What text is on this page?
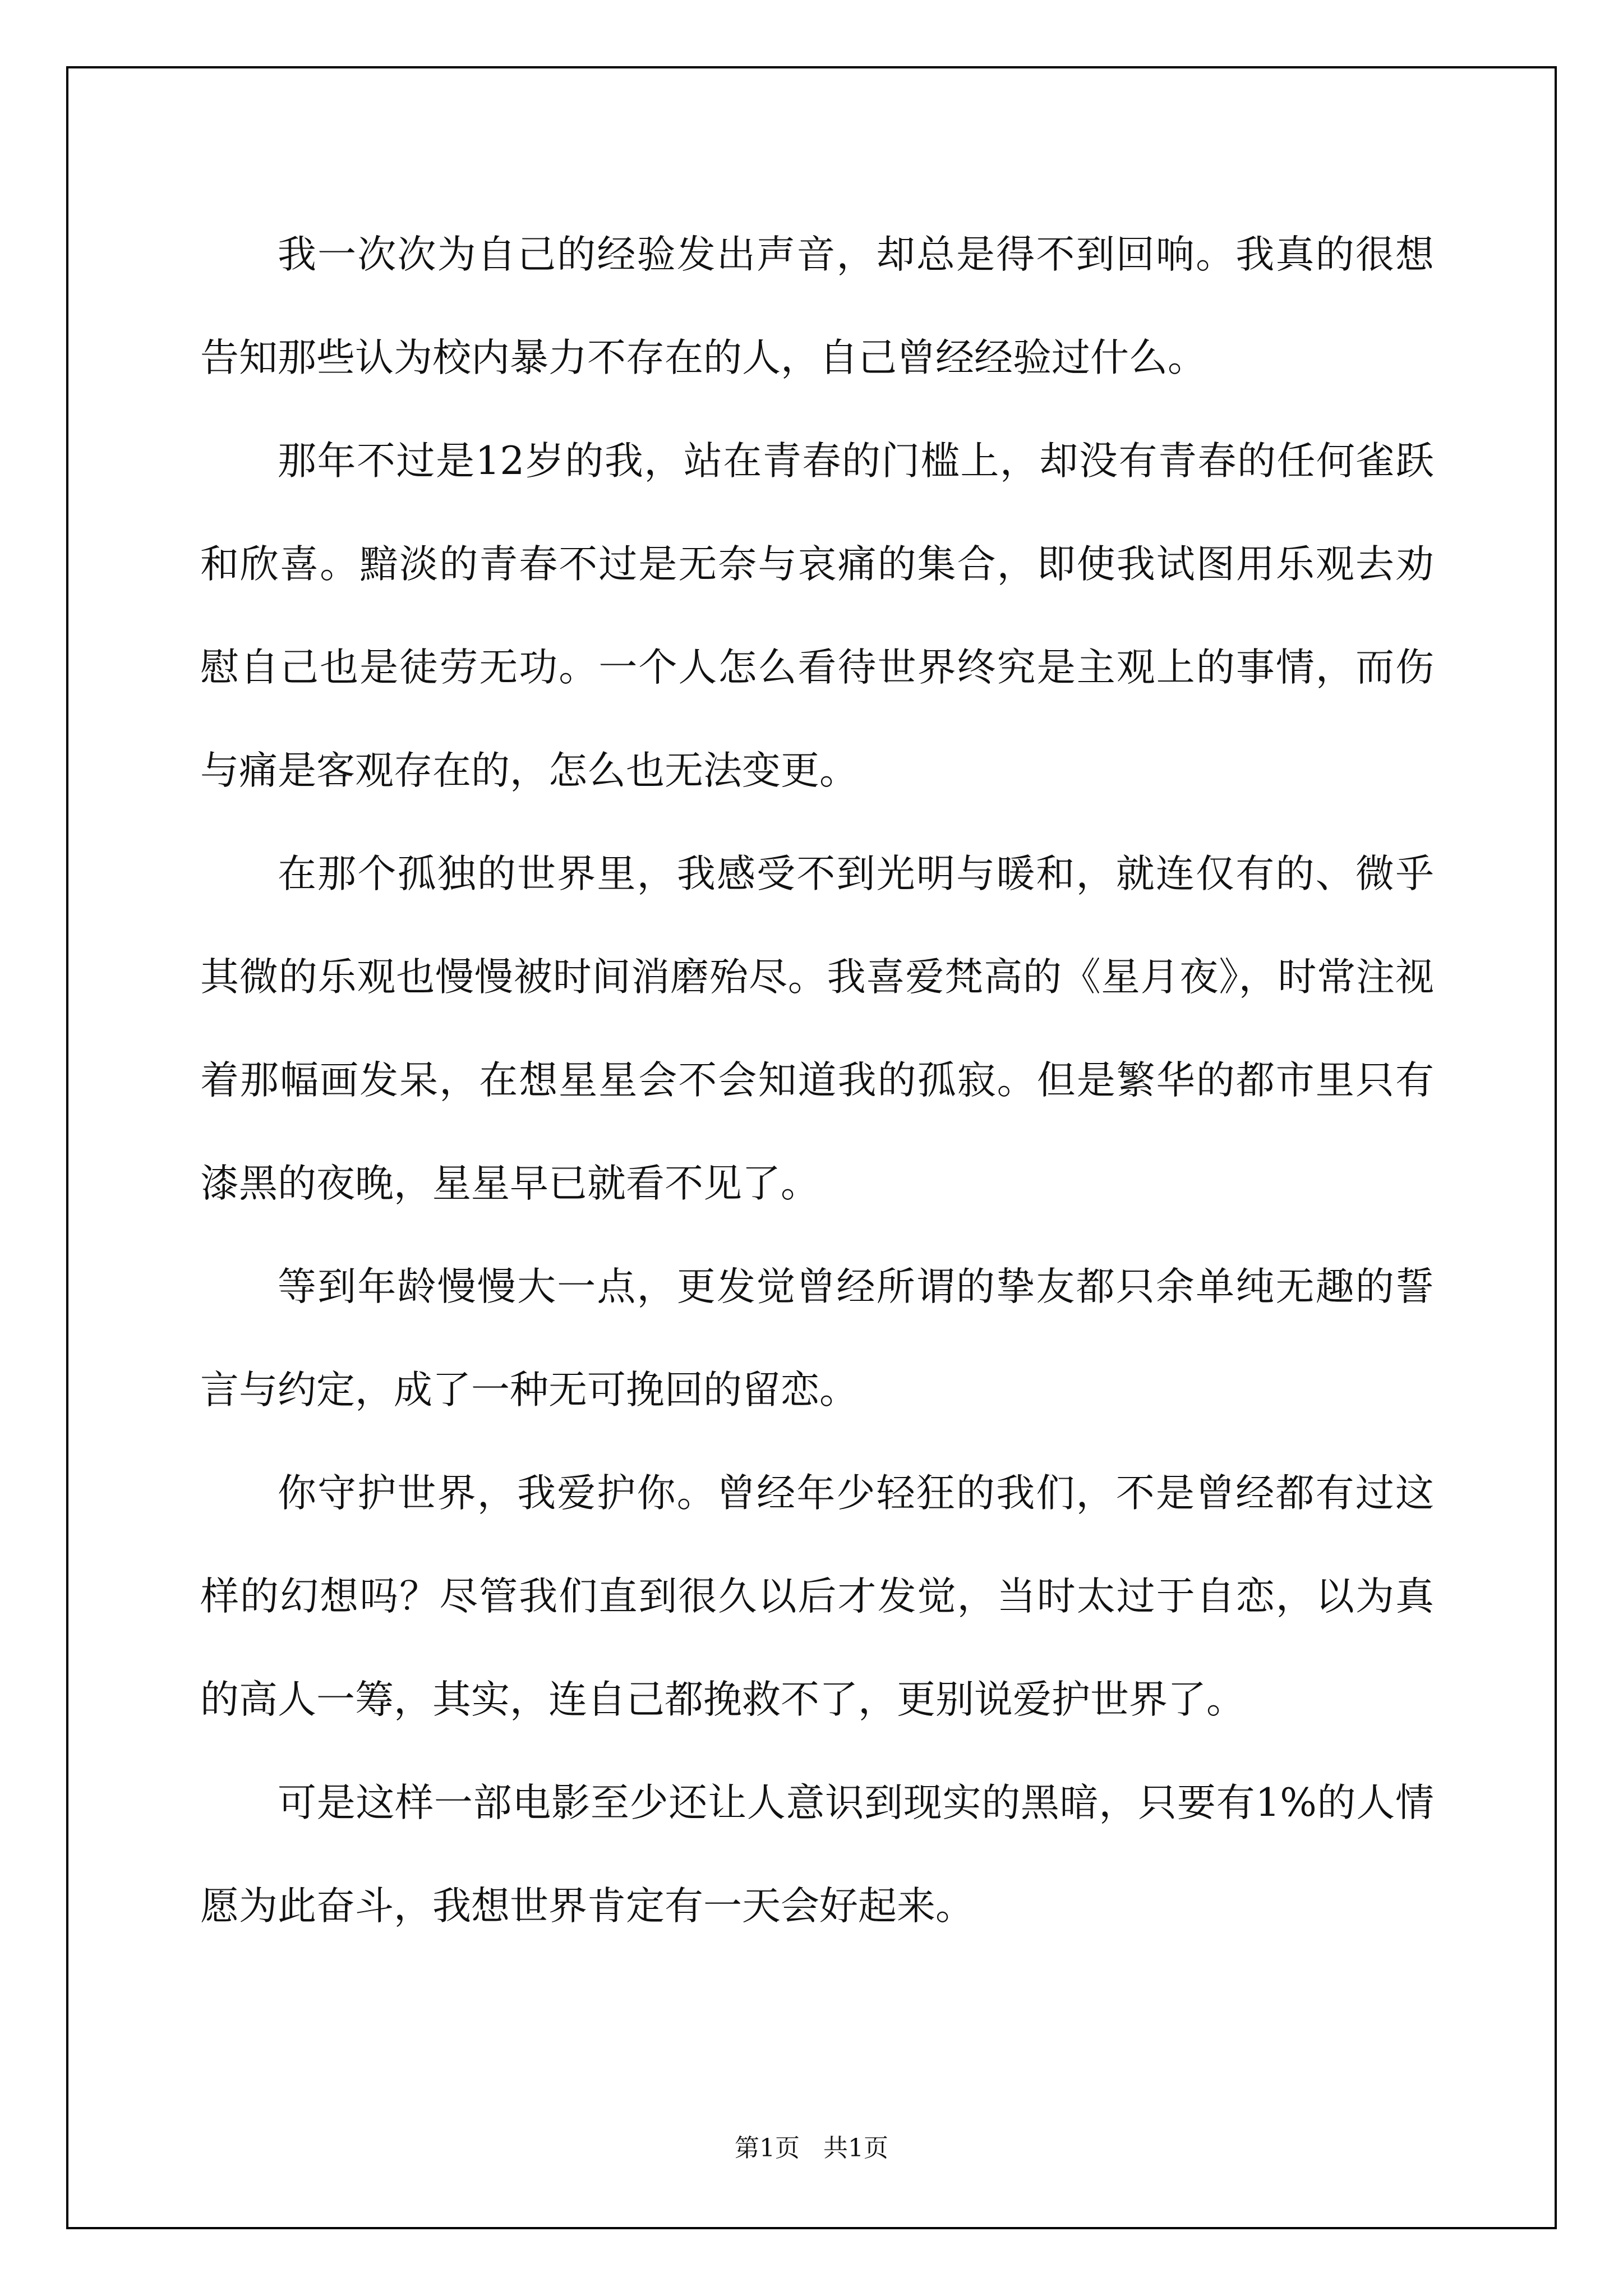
我一次次为自己的经验发出声音，却总是得不到回响。我真的很想告知那些认为校内暴力不存在的人，自己曾经经验过什么。

那年不过是12岁的我，站在青春的门槛上，却没有青春的任何雀跃和欣喜。黯淡的青春不过是无奈与哀痛的集合，即使我试图用乐观去劝慰自己也是徒劳无功。一个人怎么看待世界终究是主观上的事情，而伤与痛是客观存在的，怎么也无法变更。

在那个孤独的世界里，我感受不到光明与暖和，就连仅有的、微乎其微的乐观也慢慢被时间消磨殆尽。我喜爱梵高的《星月夜》，时常注视着那幅画发呆，在想星星会不会知道我的孤寂。但是繁华的都市里只有漆黑的夜晚，星星早已就看不见了。

等到年龄慢慢大一点，更发觉曾经所谓的挚友都只余单纯无趣的誓言与约定，成了一种无可挽回的留恋。

你守护世界，我爱护你。曾经年少轻狂的我们，不是曾经都有过这样的幻想吗？尽管我们直到很久以后才发觉，当时太过于自恋，以为真的高人一筹，其实，连自己都挽救不了，更别说爱护世界了。

可是这样一部电影至少还让人意识到现实的黑暗，只要有1%的人情愿为此奋斗，我想世界肯定有一天会好起来。

第1页 共1页
